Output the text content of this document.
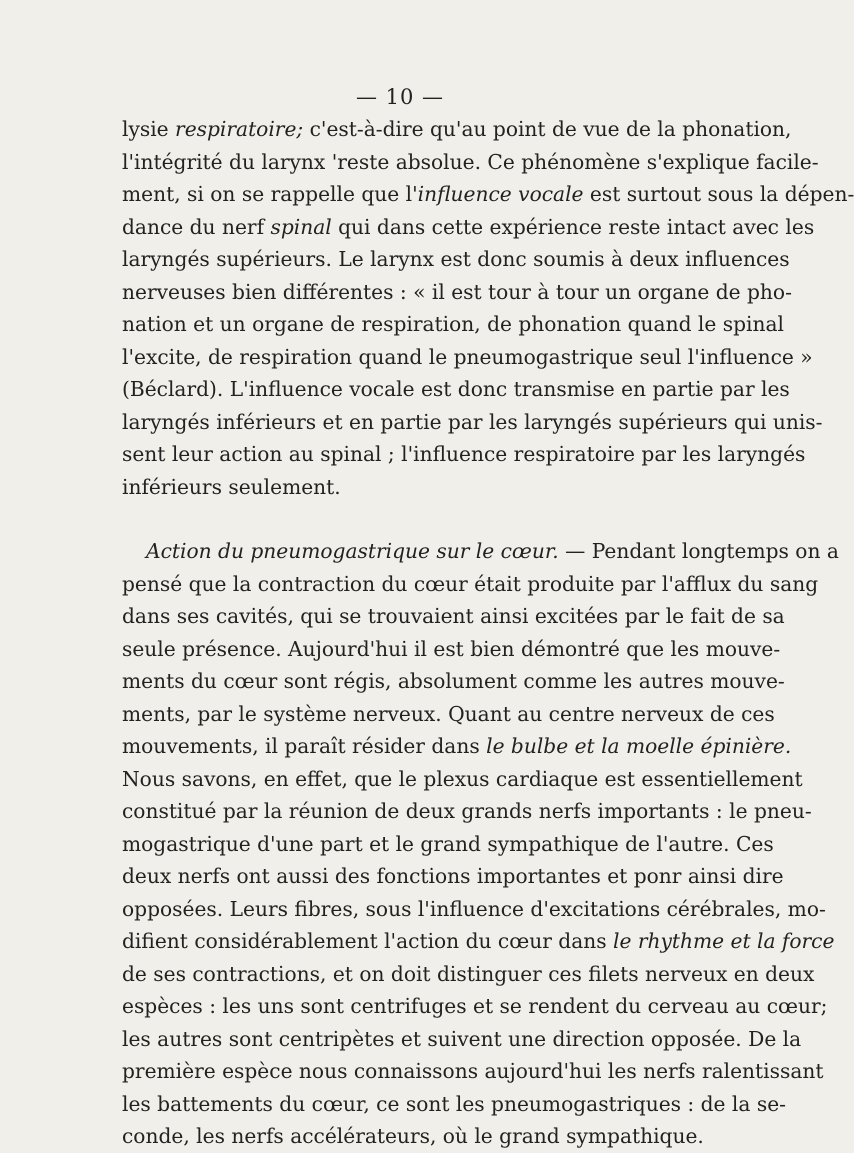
— 10 —
lysie respiratoire; c'est-à-dire qu'au point de vue de la phonation,
l'intégrité du larynx 'reste absolue. Ce phénomène s'explique facile-
ment, si on se rappelle que l'influence vocale est surtout sous la dépen-
dance du nerf spinal qui dans cette expérience reste intact avec les
laryngés supérieurs. Le larynx est donc soumis à deux influences
nerveuses bien différentes : « il est tour à tour un organe de pho-
nation et un organe de respiration, de phonation quand le spinal
l'excite, de respiration quand le pneumogastrique seul l'influence »
(Béclard). L'influence vocale est donc transmise en partie par les
laryngés inférieurs et en partie par les laryngés supérieurs qui unis-
sent leur action au spinal ; l'influence respiratoire par les laryngés
inférieurs seulement.
Action du pneumogastrique sur le cœur. — Pendant longtemps on a
pensé que la contraction du cœur était produite par l'afflux du sang
dans ses cavités, qui se trouvaient ainsi excitées par le fait de sa
seule présence. Aujourd'hui il est bien démontré que les mouve-
ments du cœur sont régis, absolument comme les autres mouve-
ments, par le système nerveux. Quant au centre nerveux de ces
mouvements, il paraît résider dans le bulbe et la moelle épinière.
Nous savons, en effet, que le plexus cardiaque est essentiellement
constitué par la réunion de deux grands nerfs importants : le pneu-
mogastrique d'une part et le grand sympathique de l'autre. Ces
deux nerfs ont aussi des fonctions importantes et ponr ainsi dire
opposées. Leurs fibres, sous l'influence d'excitations cérébrales, mo-
difient considérablement l'action du cœur dans le rhythme et la force
de ses contractions, et on doit distinguer ces filets nerveux en deux
espèces : les uns sont centrifuges et se rendent du cerveau au cœur;
les autres sont centripètes et suivent une direction opposée. De la
première espèce nous connaissons aujourd'hui les nerfs ralentissant
les battements du cœur, ce sont les pneumogastriques : de la se-
conde, les nerfs accélérateurs, où le grand sympathique.
